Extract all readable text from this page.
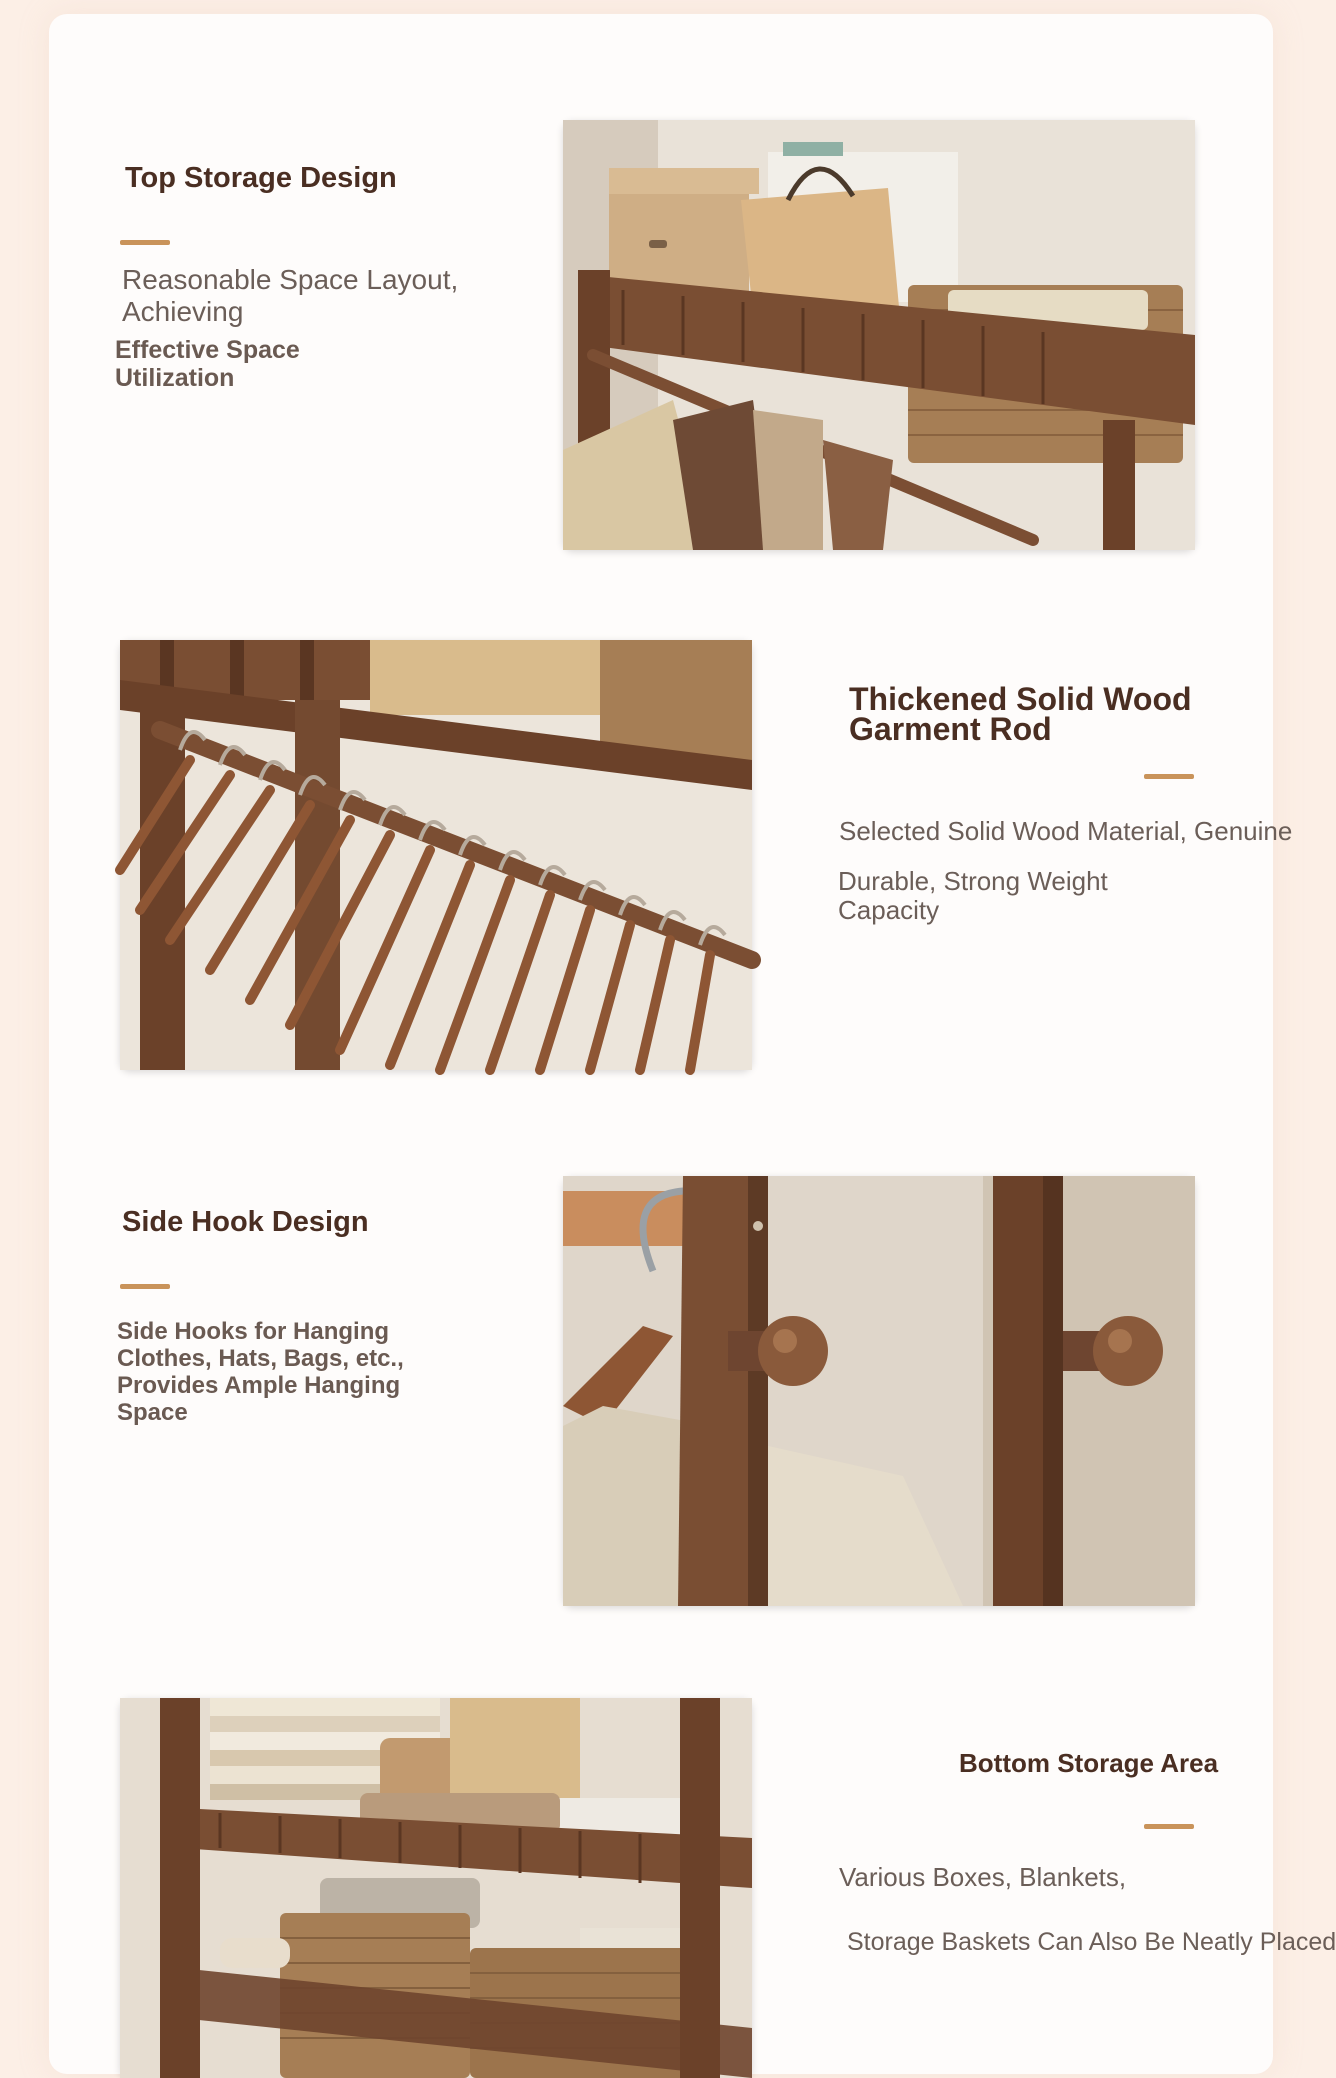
Top Storage Design

Reasonable Space Layout, Achieving

Effective Space Utilization

Thickened Solid Wood Garment Rod

Selected Solid Wood Material, Genuine

Durable, Strong Weight Capacity

Side Hook Design

Side Hooks for Hanging Clothes, Hats, Bags, etc., Provides Ample Hanging Space

Bottom Storage Area

Various Boxes, Blankets,

Storage Baskets Can Also Be Neatly Placed
